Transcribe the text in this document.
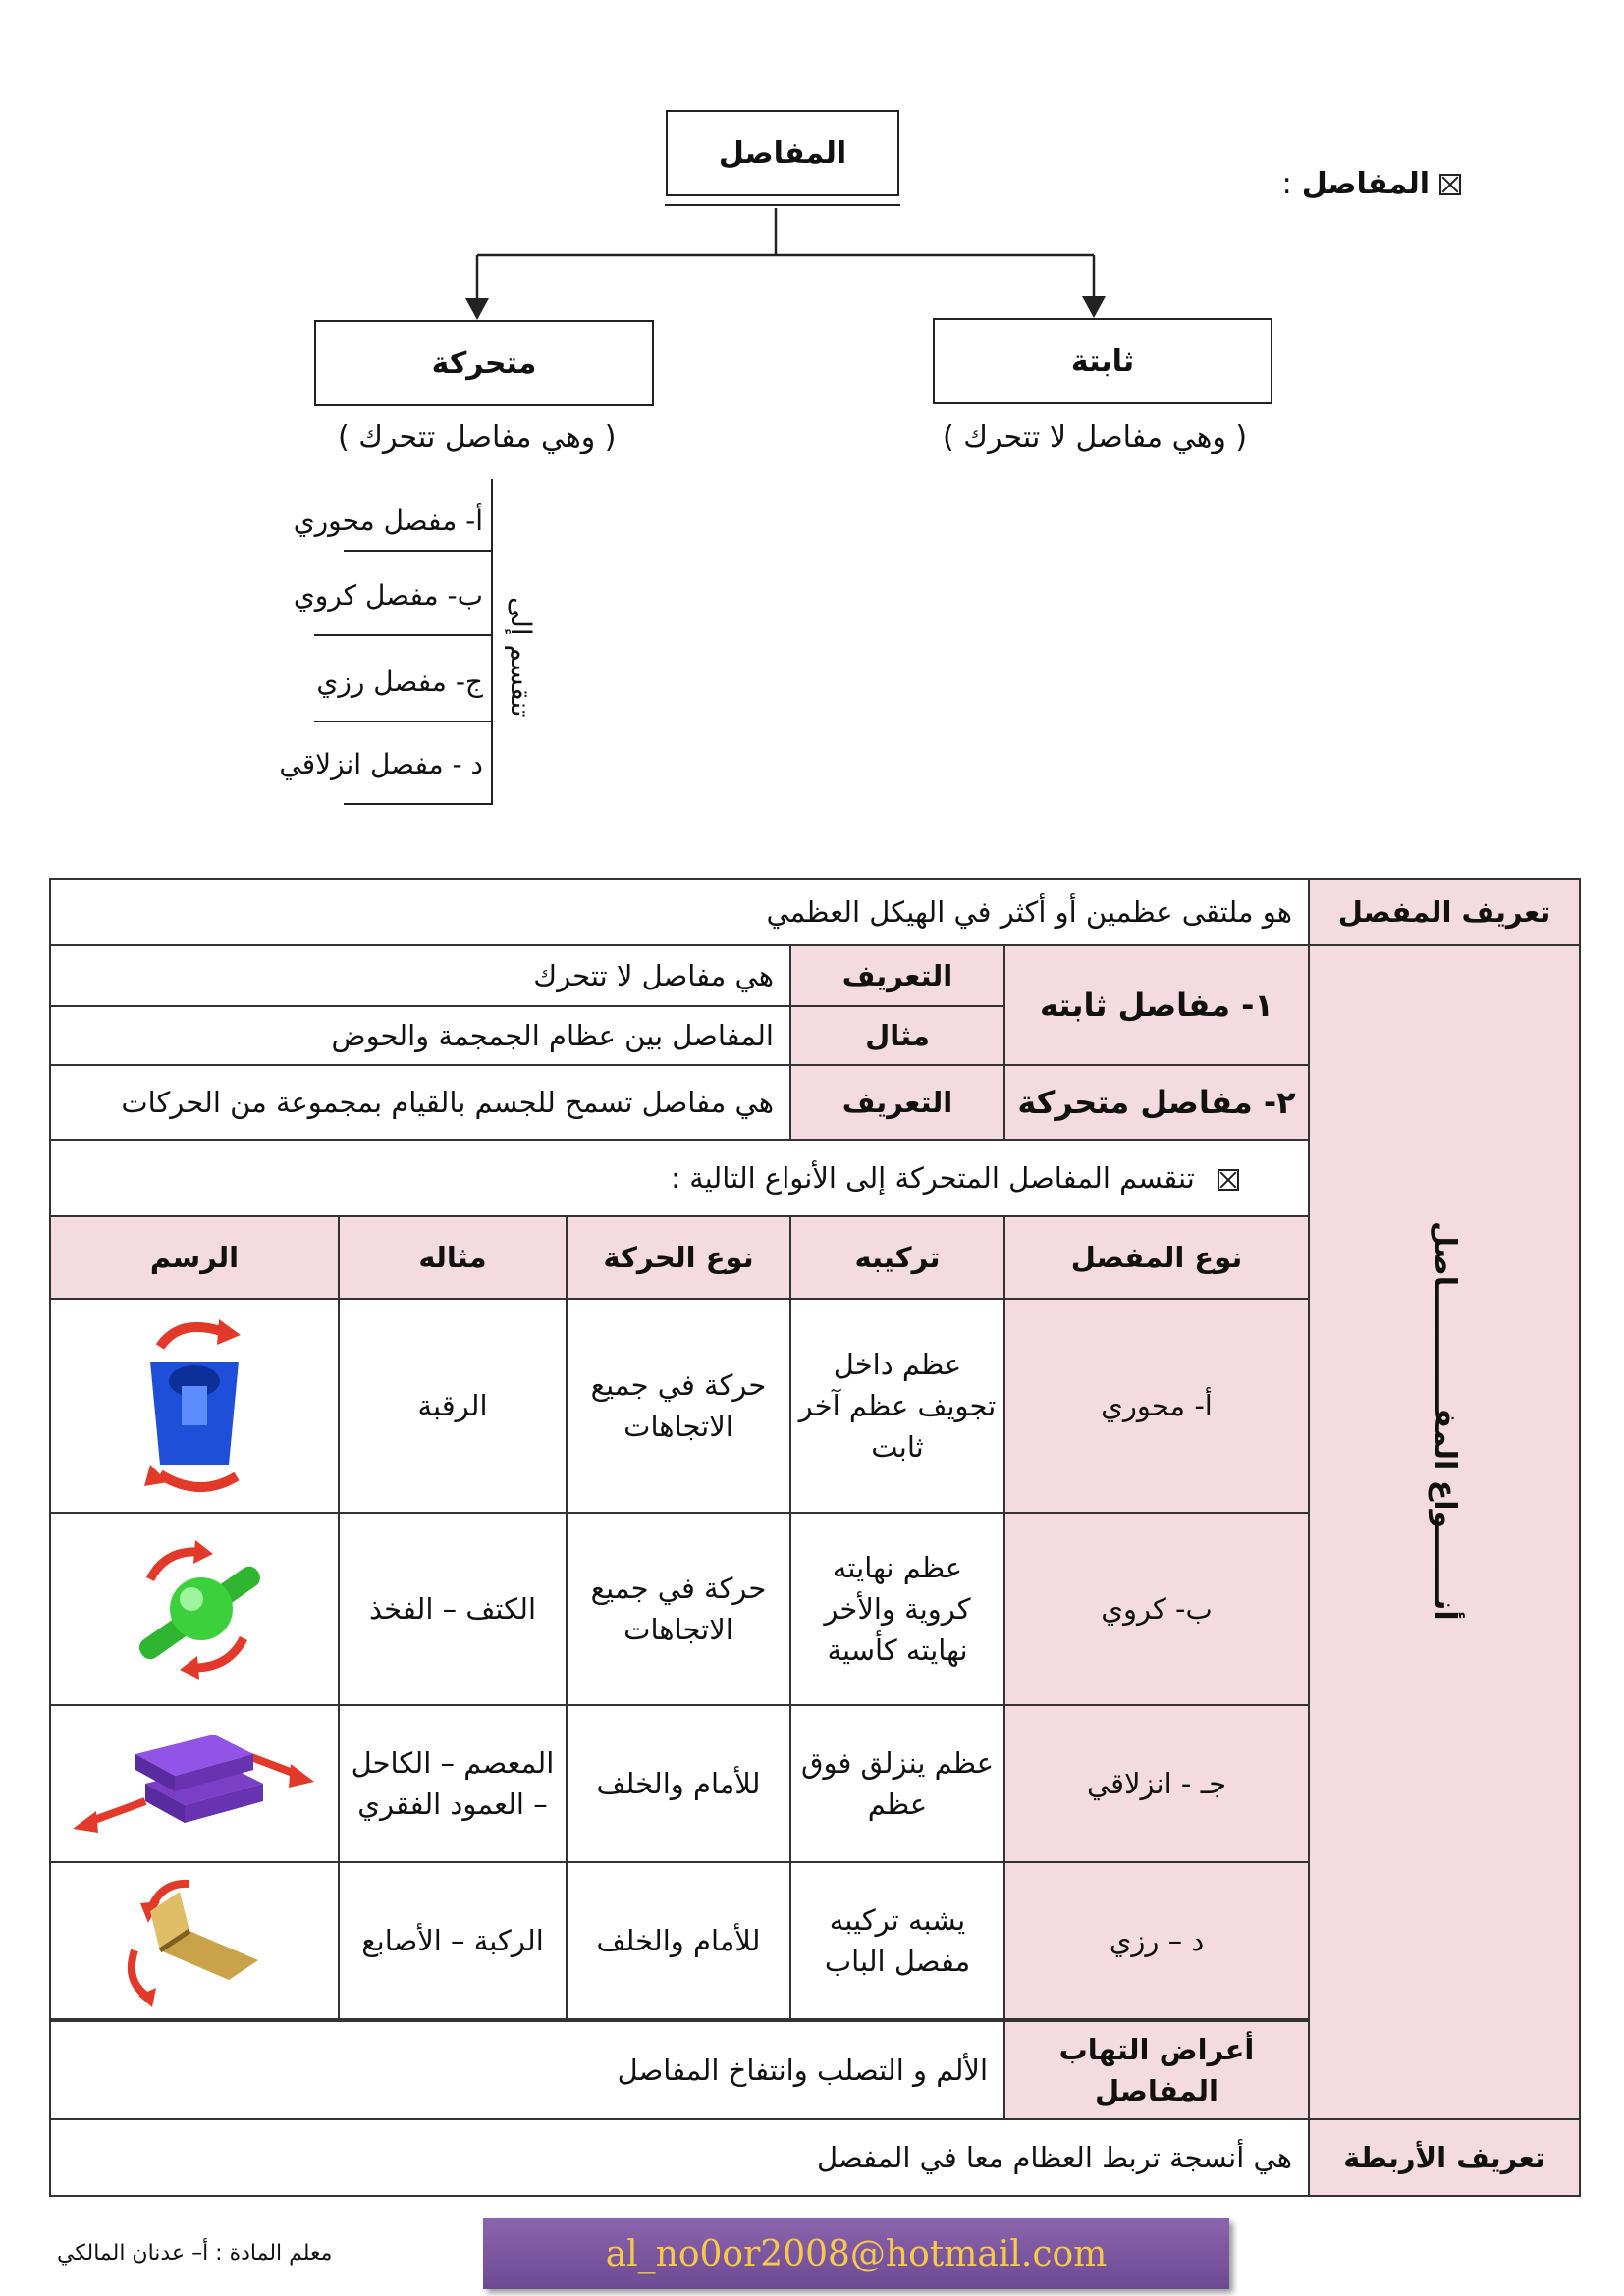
المفاصل
:
المفاصل
ثابتة
متحركة
( وهي مفاصل لا تتحرك )
( وهي مفاصل تتحرك )
أ- مفصل محوري
ب- مفصل كروي
ج- مفصل رزي
د - مفصل انزلاقي
تنقسم إلى
تعريف المفصل	هو ملتقى عظمين أو أكثر في الهيكل العظمي				
أنـــــــواع المفــــــــــــاصل	١- مفاصل ثابته	التعريف	هي مفاصل لا تتحرك		
		مثال	المفاصل بين عظام الجمجمة والحوض		
	٢- مفاصل متحركة	التعريف	هي مفاصل تسمح للجسم بالقيام بمجموعة من الحركات		
	تنقسم المفاصل المتحركة إلى الأنواع التالية :				
	نوع المفصل	تركيبه	نوع الحركة	مثاله	الرسم
	أ- محوري	عظم داخل تجويف عظم آخر ثابت	حركة في جميع الاتجاهات	الرقبة	

	ب- كروي	عظم نهايته كروية والأخر نهايته كأسية	حركة في جميع الاتجاهات	الكتف – الفخذ	

	جـ - انزلاقي	عظم ينزلق فوق عظم	للأمام والخلف	المعصم – الكاحل – العمود الفقري	

	د – رزي	يشبه تركيبه مفصل الباب	للأمام والخلف	الركبة – الأصابع	

	أعراض التهاب المفاصل	الألم و التصلب وانتفاخ المفاصل			
تعريف الأربطة	هي أنسجة تربط العظام معا في المفصل				
معلم المادة : أ– عدنان المالكي	al_no0or2008@hotmail.com
